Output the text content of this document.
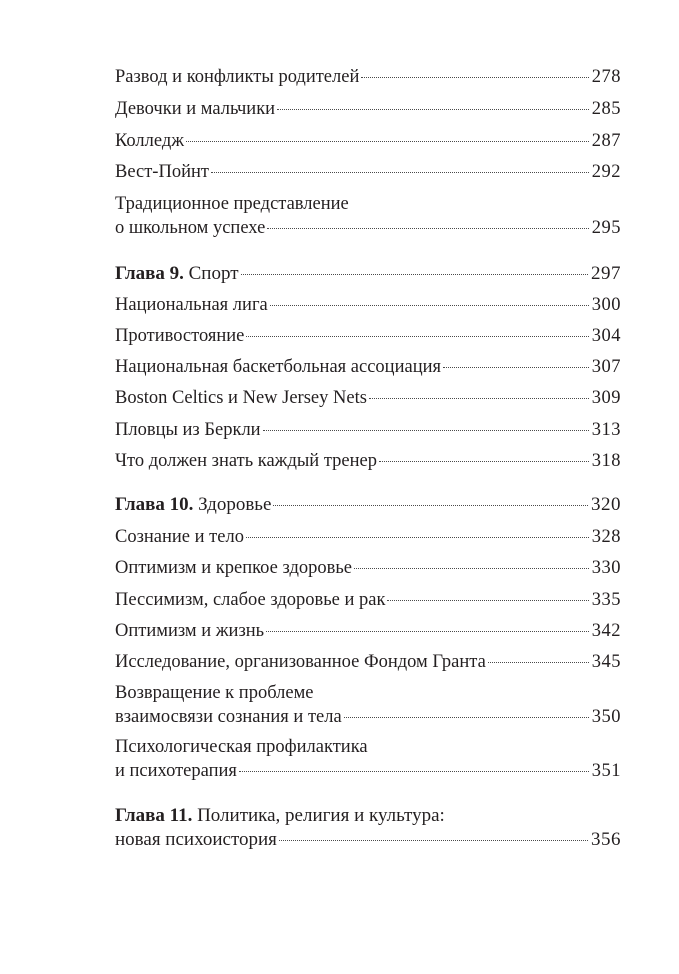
Развод и конфликты родителей	278
Девочки и мальчики	285
Колледж	287
Вест-Пойнт	292
Традиционное представление
о школьном успехе	295
Глава 9. Спорт	297
Национальная лига	300
Противостояние	304
Национальная баскетбольная ассоциация	307
Boston Celtics и New Jersey Nets	309
Пловцы из Беркли	313
Что должен знать каждый тренер	318
Глава 10. Здоровье	320
Сознание и тело	328
Оптимизм и крепкое здоровье	330
Пессимизм, слабое здоровье и рак	335
Оптимизм и жизнь	342
Исследование, организованное Фондом Гранта	345
Возвращение к проблеме
взаимосвязи сознания и тела	350
Психологическая профилактика
и психотерапия	351
Глава 11. Политика, религия и культура:
новая психоистория	356
